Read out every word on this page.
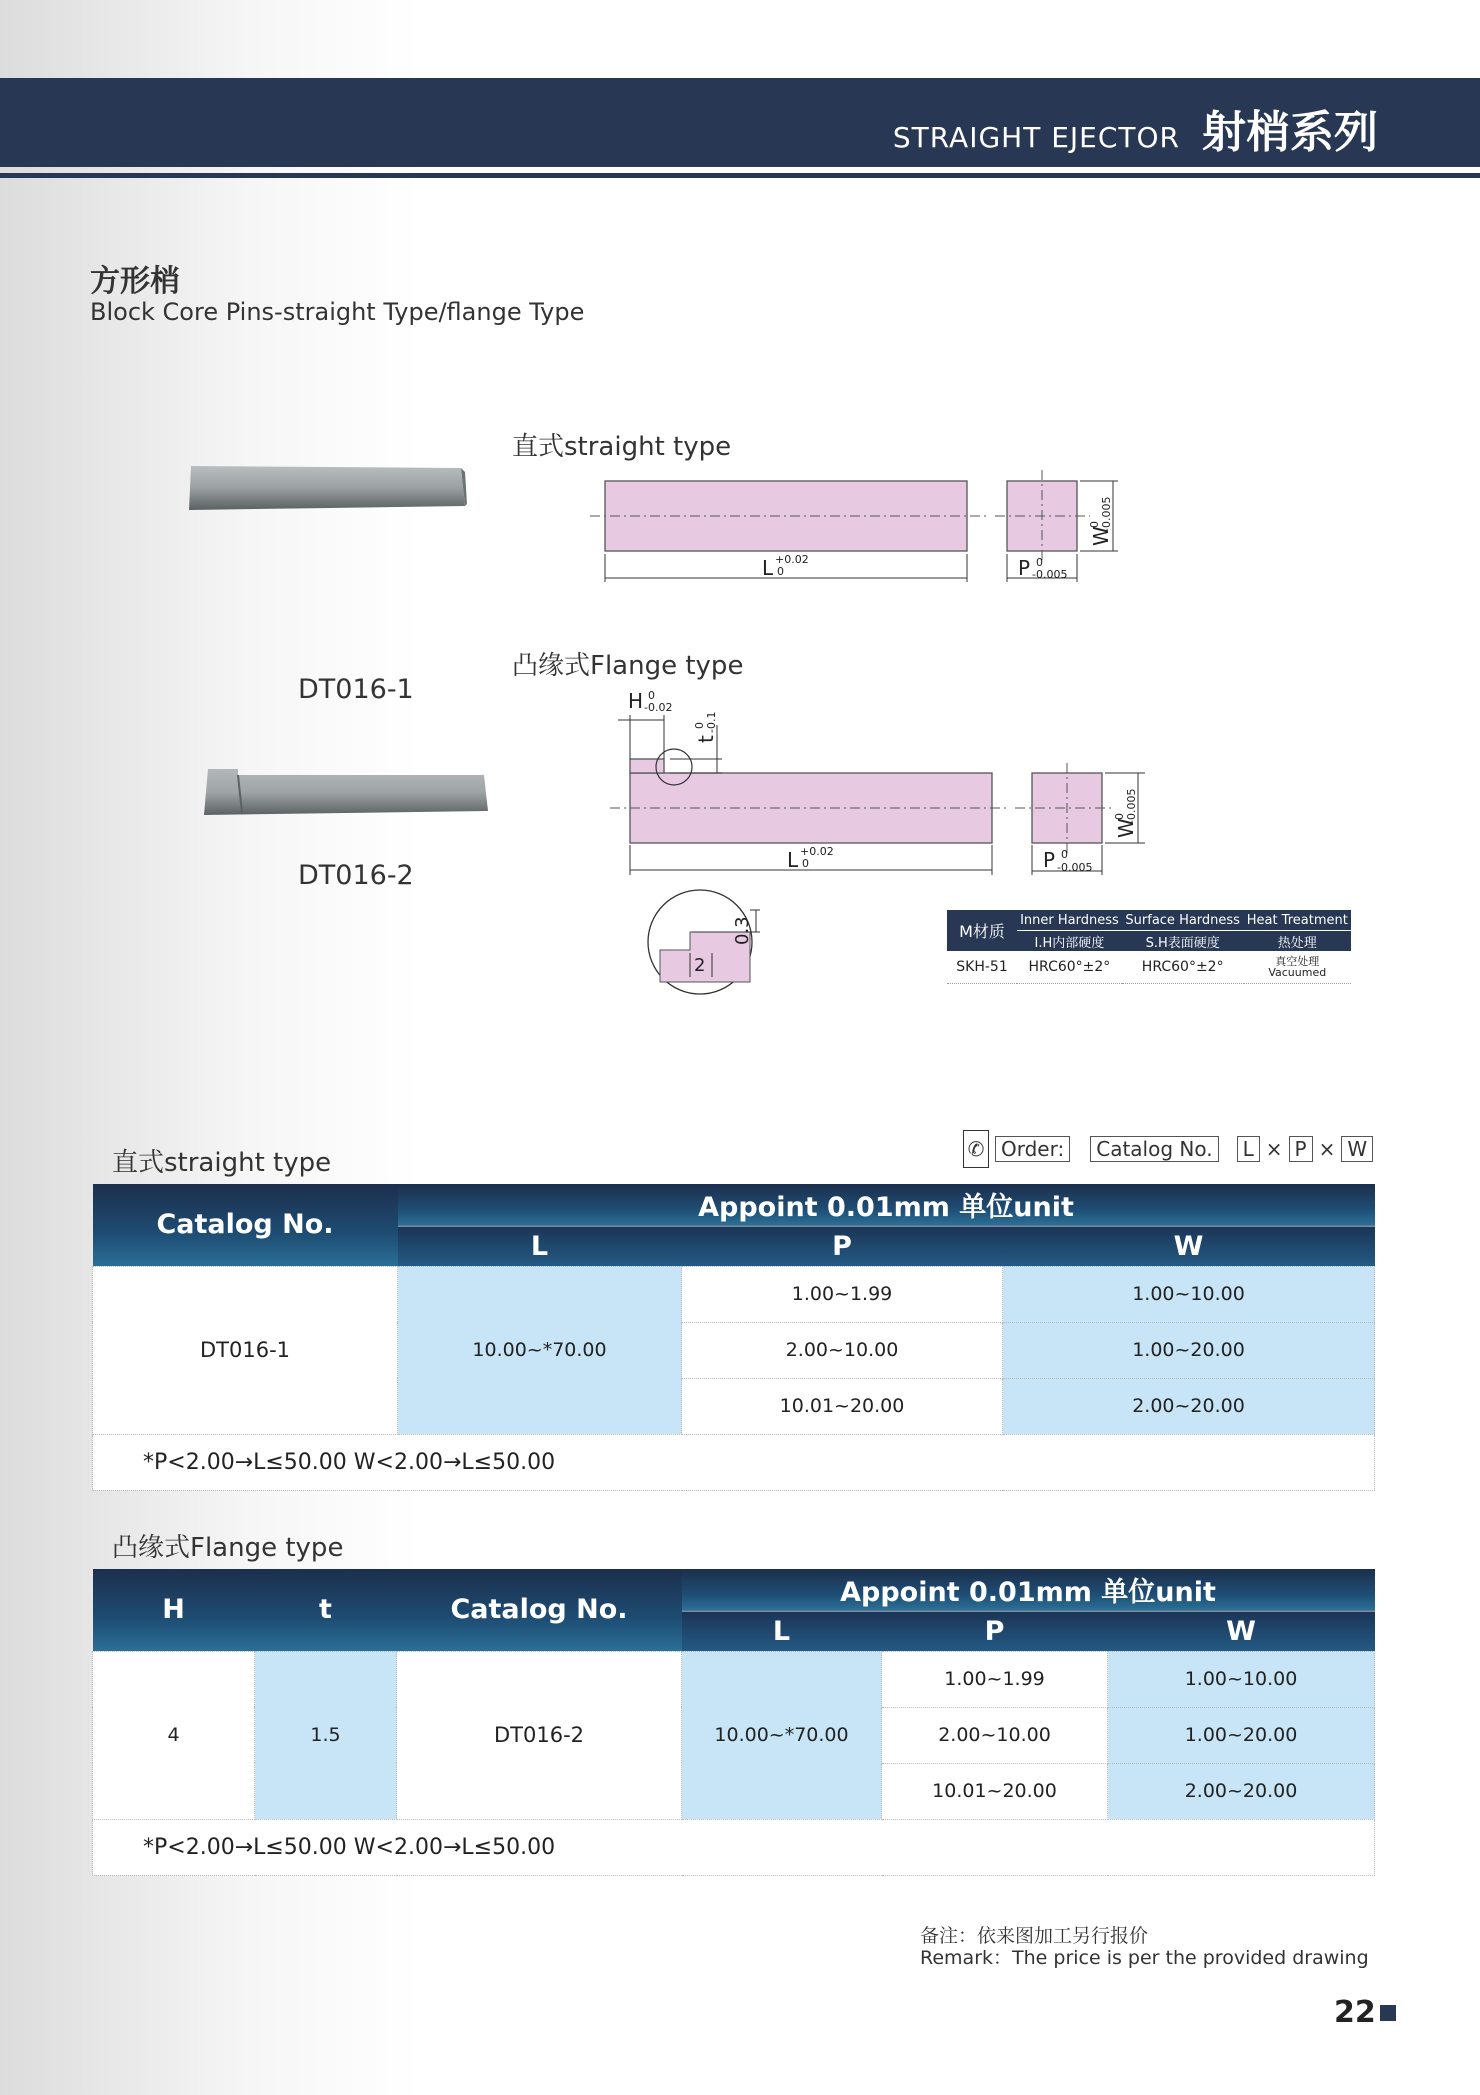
STRAIGHT EJECTOR 射梢系列
方形梢
Block Core Pins-straight Type/flange Type
DT016-1
DT016-2
直式straight type
L +0.02
0	P 0
-0.005
W
0 -0.005
凸缘式Flange type
H 0
-0.02
t
0 -0.1
L +0.02
0	P 0
-0.005
W
0 -0.005
0.3
2
M材质	Inner Hardness	Surface Hardness	Heat Treatment
	I.H内部硬度	S.H表面硬度	热处理
SKH-51	HRC60°±2°	HRC60°±2°	真空处理
Vacuumed
✆ Order:	Catalog No.	L × P × W
直式straight type
Catalog No.	Appoint 0.01mm 单位unit		
	L	P	W
DT016-1		1.00~1.99	1.00~10.00
	10.00~*70.00	2.00~10.00	1.00~20.00
		10.01~20.00	2.00~20.00
*P<2.00→L≤50.00 W<2.00→L≤50.00			
凸缘式Flange type
H	t	Catalog No.	Appoint 0.01mm 单位unit		
			L	P	W
4	1.5	DT016-2		1.00~1.99	1.00~10.00
			10.00~*70.00	2.00~10.00	1.00~20.00
				10.01~20.00	2.00~20.00
*P<2.00→L≤50.00 W<2.00→L≤50.00					
备注：依来图加工另行报价
Remark：The price is per the provided drawing
22
